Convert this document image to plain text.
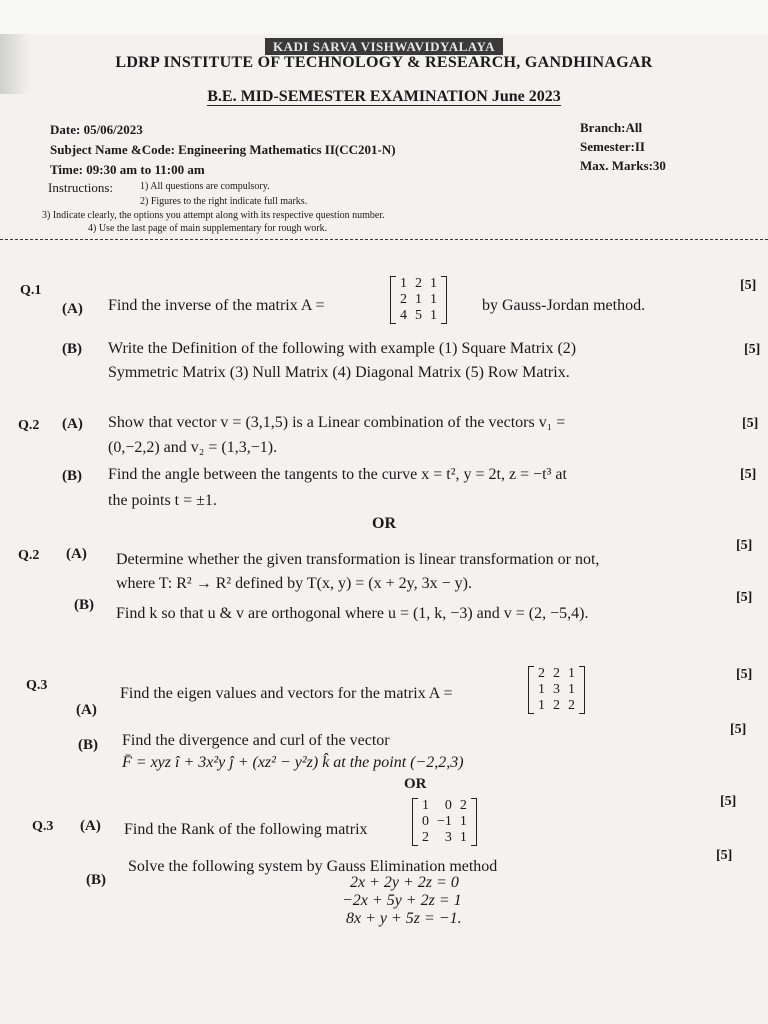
KADI SARVA VISHWAVIDYALAYA
LDRP INSTITUTE OF TECHNOLOGY & RESEARCH, GANDHINAGAR
B.E. MID-SEMESTER EXAMINATION June 2023
Date: 05/06/2023
Subject Name &Code: Engineering Mathematics II(CC201-N)
Time: 09:30 am to 11:00 am
Branch:All
Semester:II
Max. Marks:30
Instructions:	1) All questions are compulsory.
2) Figures to the right indicate full marks.
3) Indicate clearly, the options you attempt along with its respective question number.
4) Use the last page of main supplementary for rough work.
Q.1
(A) Find the inverse of the matrix A =
1	2	1
2	1	1
4	5	1
by Gauss-Jordan method.
[5]
(B) Write the Definition of the following with example (1) Square Matrix (2)
Symmetric Matrix (3) Null Matrix (4) Diagonal Matrix (5) Row Matrix.
[5]
Q.2 (A) Show that vector v = (3,1,5) is a Linear combination of the vectors v₁ =
(0,−2,2) and v₂ = (1,3,−1).
[5]
(B) Find the angle between the tangents to the curve x = t², y = 2t, z = −t³ at
the points t = ±1.
[5]
OR
Q.2 (A) Determine whether the given transformation is linear transformation or not,
where T: R² → R² defined by T(x, y) = (x + 2y, 3x − y).
[5]
(B) Find k so that u & v are orthogonal where u = (1, k, −3) and v = (2, −5,4).
[5]
Q.3
(A)
Find the eigen values and vectors for the matrix A =
2	2	1
1	3	1
1	2	2
[5]
(B) Find the divergence and curl of the vector
F̄ = xyz î + 3x²y ĵ + (xz² − y²z) k̂ at the point (−2,2,3)
[5]
OR
Q.3 (A) Find the Rank of the following matrix
1	0	2
0	−1	1
2	3	1
[5]
(B)
Solve the following system by Gauss Elimination method
2x + 2y + 2z = 0
−2x + 5y + 2z = 1
8x + y + 5z = −1.
[5]
